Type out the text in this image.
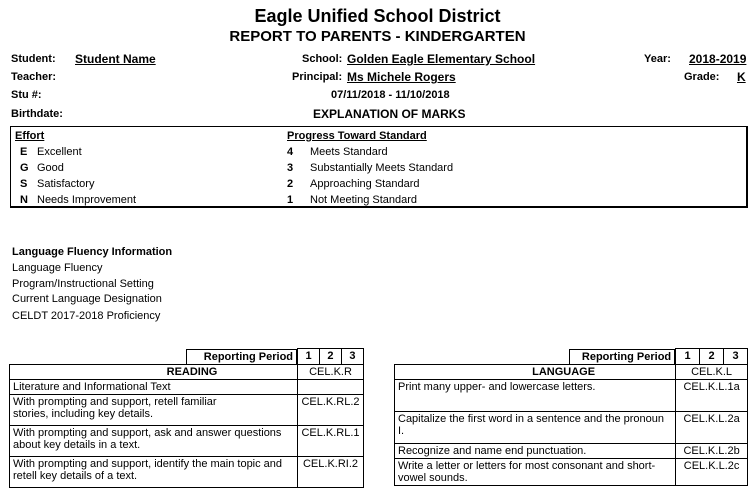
Eagle Unified School District
REPORT TO PARENTS - KINDERGARTEN
Student: Student Name
Teacher:
Stu #:
Birthdate:
School: Golden Eagle Elementary School
Principal: Ms Michele Rogers
07/11/2018 - 11/10/2018
EXPLANATION OF MARKS
Year: 2018-2019
Grade: K
Effort
E Excellent
G Good
S Satisfactory
N Needs Improvement
Progress Toward Standard
4 Meets Standard
3 Substantially Meets Standard
2 Approaching Standard
1 Not Meeting Standard
Language Fluency Information
Language Fluency
Program/Instructional Setting
Current Language Designation
CELDT 2017-2018 Proficiency
Reporting Period	1	2	3
READING	CEL.K.R		
Literature and Informational Text			
With prompting and support, retell familiar stories, including key details.	CEL.K.RL.2		
With prompting and support, ask and answer questions about key details in a text.	CEL.K.RL.1		
With prompting and support, identify the main topic and retell key details of a text.	CEL.K.RI.2		
Reporting Period	1	2	3
LANGUAGE	CEL.K.L		
Print many upper- and lowercase letters.	CEL.K.L.1a		
Capitalize the first word in a sentence and the pronoun I.	CEL.K.L.2a		
Recognize and name end punctuation.	CEL.K.L.2b		
Write a letter or letters for most consonant and short-vowel sounds.	CEL.K.L.2c		
